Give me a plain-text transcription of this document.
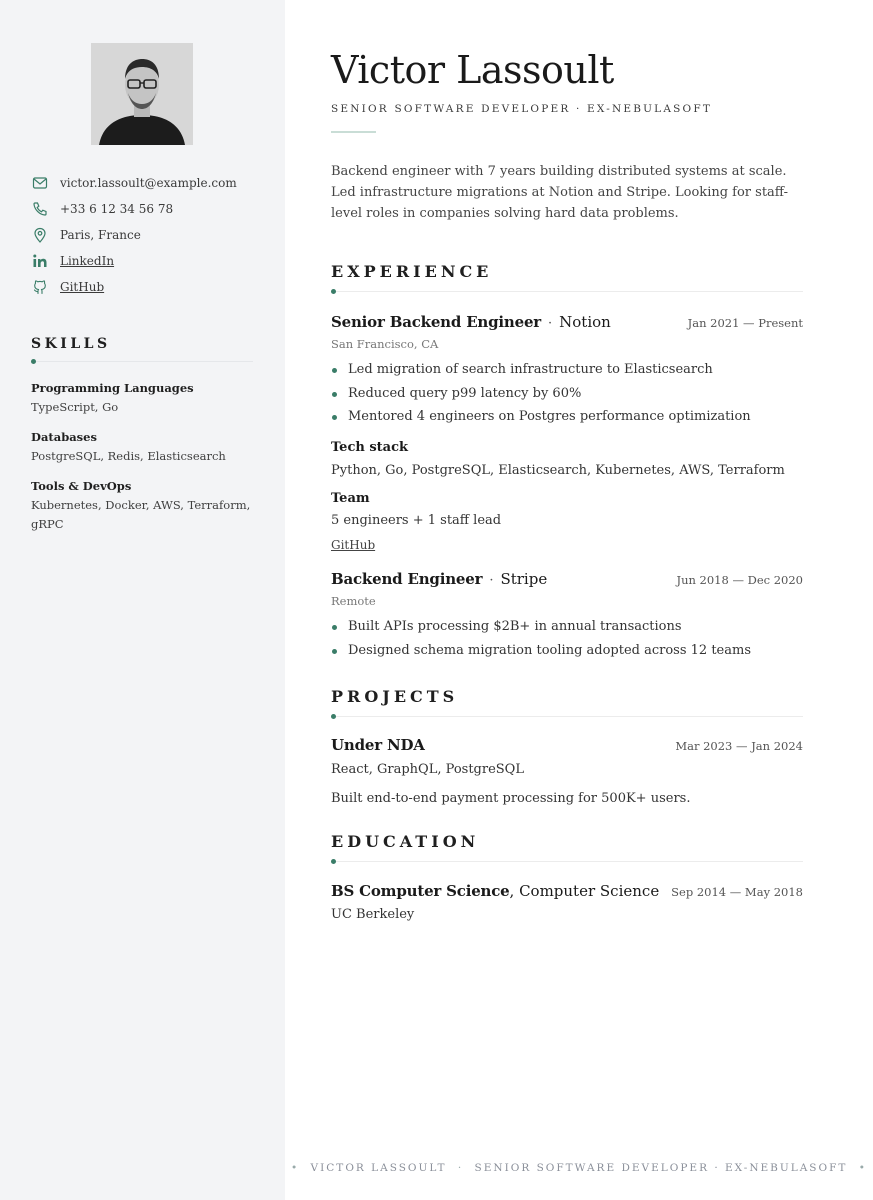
victor.lassoult@example.com
+33 6 12 34 56 78
Paris, France
LinkedIn
GitHub
SKILLS
Programming Languages
TypeScript, Go
Databases
PostgreSQL, Redis, Elasticsearch
Tools & DevOps
Kubernetes, Docker, AWS, Terraform, gRPC
Victor Lassoult
SENIOR SOFTWARE DEVELOPER · EX-NEBULASOFT
Backend engineer with 7 years building distributed systems at scale. Led infrastructure migrations at Notion and Stripe. Looking for staff-level roles in companies solving hard data problems.
EXPERIENCE
Senior Backend Engineer · Notion	Jan 2021 — Present
San Francisco, CA
Led migration of search infrastructure to Elasticsearch
Reduced query p99 latency by 60%
Mentored 4 engineers on Postgres performance optimization
Tech stack
Python, Go, PostgreSQL, Elasticsearch, Kubernetes, AWS, Terraform
Team
5 engineers + 1 staff lead
GitHub
Backend Engineer · Stripe	Jun 2018 — Dec 2020
Remote
Built APIs processing $2B+ in annual transactions
Designed schema migration tooling adopted across 12 teams
PROJECTS
Under NDA	Mar 2023 — Jan 2024
React, GraphQL, PostgreSQL
Built end-to-end payment processing for 500K+ users.
EDUCATION
BS Computer Science, Computer Science Sep 2014 — May 2018
UC Berkeley
• VICTOR LASSOULT · SENIOR SOFTWARE DEVELOPER · EX-NEBULASOFT •
